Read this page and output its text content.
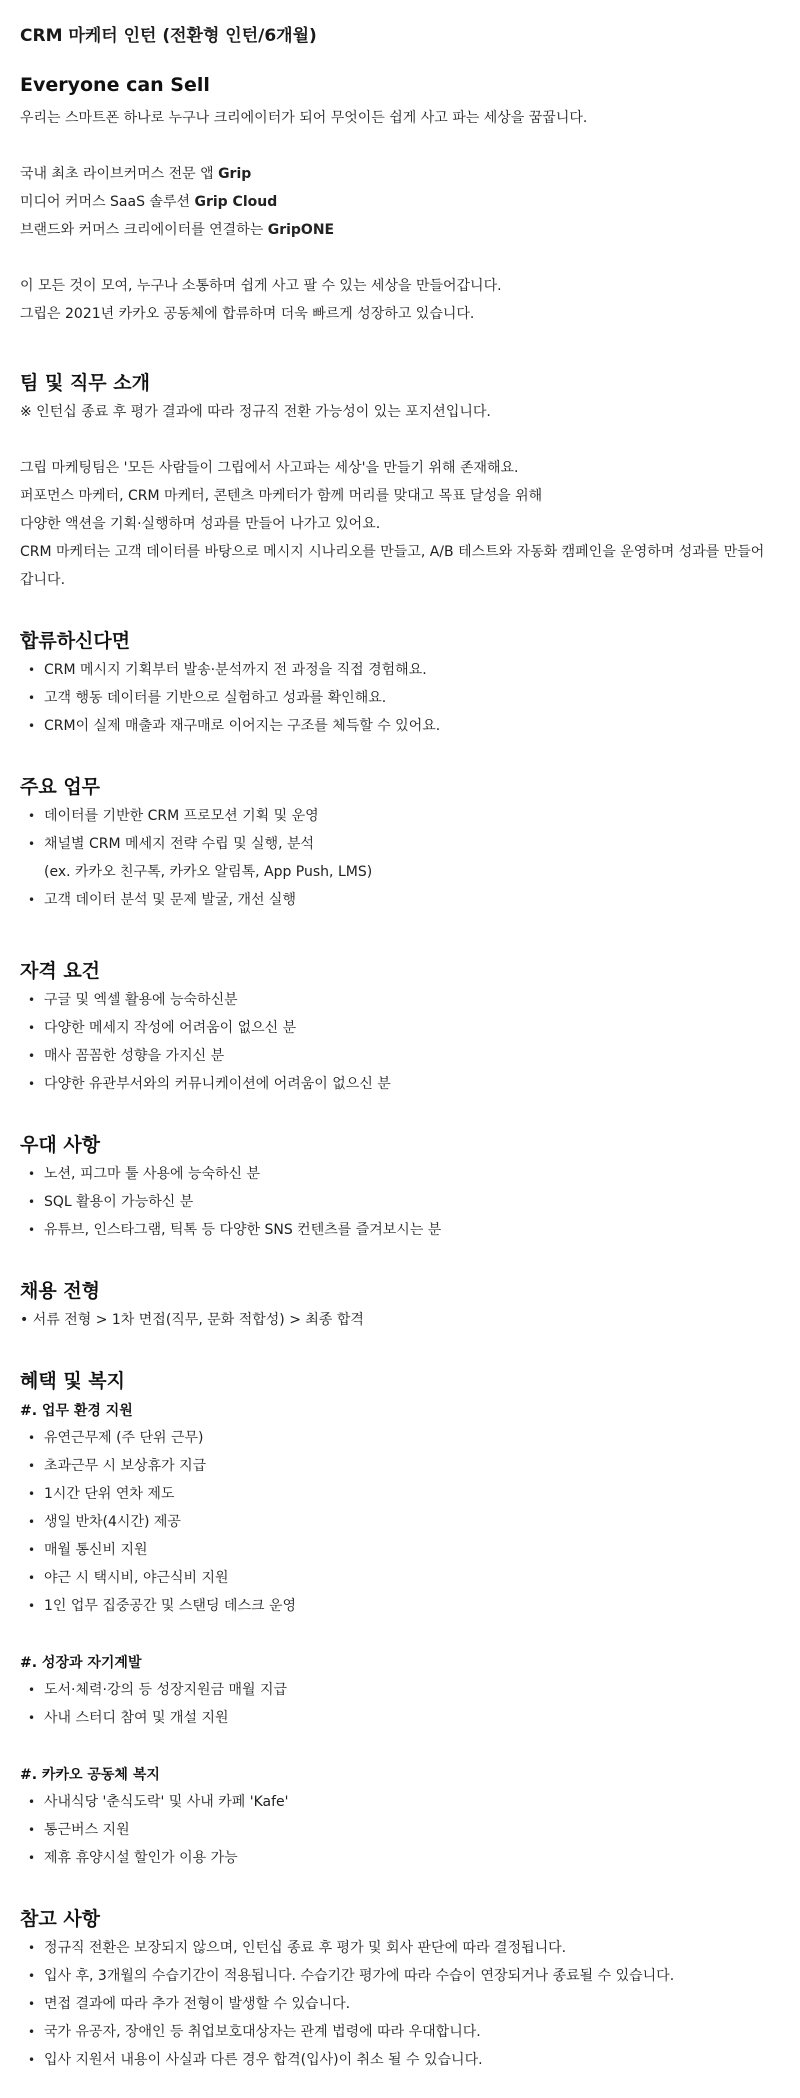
CRM 마케터 인턴 (전환형 인턴/6개월)
Everyone can Sell
우리는 스마트폰 하나로 누구나 크리에이터가 되어 무엇이든 쉽게 사고 파는 세상을 꿈꿉니다.
국내 최초 라이브커머스 전문 앱 Grip
미디어 커머스 SaaS 솔루션 Grip Cloud
브랜드와 커머스 크리에이터를 연결하는 GripONE
이 모든 것이 모여, 누구나 소통하며 쉽게 사고 팔 수 있는 세상을 만들어갑니다.
그립은 2021년 카카오 공동체에 합류하며 더욱 빠르게 성장하고 있습니다.
팀 및 직무 소개
※ 인턴십 종료 후 평가 결과에 따라 정규직 전환 가능성이 있는 포지션입니다.
그립 마케팅팀은 '모든 사람들이 그립에서 사고파는 세상'을 만들기 위해 존재해요.
퍼포먼스 마케터, CRM 마케터, 콘텐츠 마케터가 함께 머리를 맞대고 목표 달성을 위해
다양한 액션을 기획·실행하며 성과를 만들어 나가고 있어요.
CRM 마케터는 고객 데이터를 바탕으로 메시지 시나리오를 만들고, A/B 테스트와 자동화 캠페인을 운영하며 성과를 만들어 갑니다.
합류하신다면
• CRM 메시지 기획부터 발송·분석까지 전 과정을 직접 경험해요.
• 고객 행동 데이터를 기반으로 실험하고 성과를 확인해요.
• CRM이 실제 매출과 재구매로 이어지는 구조를 체득할 수 있어요.
주요 업무
• 데이터를 기반한 CRM 프로모션 기획 및 운영
• 채널별 CRM 메세지 전략 수립 및 실행, 분석
(ex. 카카오 친구톡, 카카오 알림톡, App Push, LMS)
• 고객 데이터 분석 및 문제 발굴, 개선 실행
자격 요건
• 구글 및 엑셀 활용에 능숙하신분
• 다양한 메세지 작성에 어려움이 없으신 분
• 매사 꼼꼼한 성향을 가지신 분
• 다양한 유관부서와의 커뮤니케이션에 어려움이 없으신 분
우대 사항
• 노션, 피그마 툴 사용에 능숙하신 분
• SQL 활용이 가능하신 분
• 유튜브, 인스타그램, 틱톡 등 다양한 SNS 컨텐츠를 즐겨보시는 분
채용 전형
• 서류 전형 > 1차 면접(직무, 문화 적합성) > 최종 합격
혜택 및 복지
#. 업무 환경 지원
• 유연근무제 (주 단위 근무)
• 초과근무 시 보상휴가 지급
• 1시간 단위 연차 제도
• 생일 반차(4시간) 제공
• 매월 통신비 지원
• 야근 시 택시비, 야근식비 지원
• 1인 업무 집중공간 및 스탠딩 데스크 운영
#. 성장과 자기계발
• 도서·체력·강의 등 성장지원금 매월 지급
• 사내 스터디 참여 및 개설 지원
#. 카카오 공동체 복지
• 사내식당 '춘식도락' 및 사내 카페 'Kafe'
• 통근버스 지원
• 제휴 휴양시설 할인가 이용 가능
참고 사항
• 정규직 전환은 보장되지 않으며, 인턴십 종료 후 평가 및 회사 판단에 따라 결정됩니다.
• 입사 후, 3개월의 수습기간이 적용됩니다. 수습기간 평가에 따라 수습이 연장되거나 종료될 수 있습니다.
• 면접 결과에 따라 추가 전형이 발생할 수 있습니다.
• 국가 유공자, 장애인 등 취업보호대상자는 관계 법령에 따라 우대합니다.
• 입사 지원서 내용이 사실과 다른 경우 합격(입사)이 취소 될 수 있습니다.
